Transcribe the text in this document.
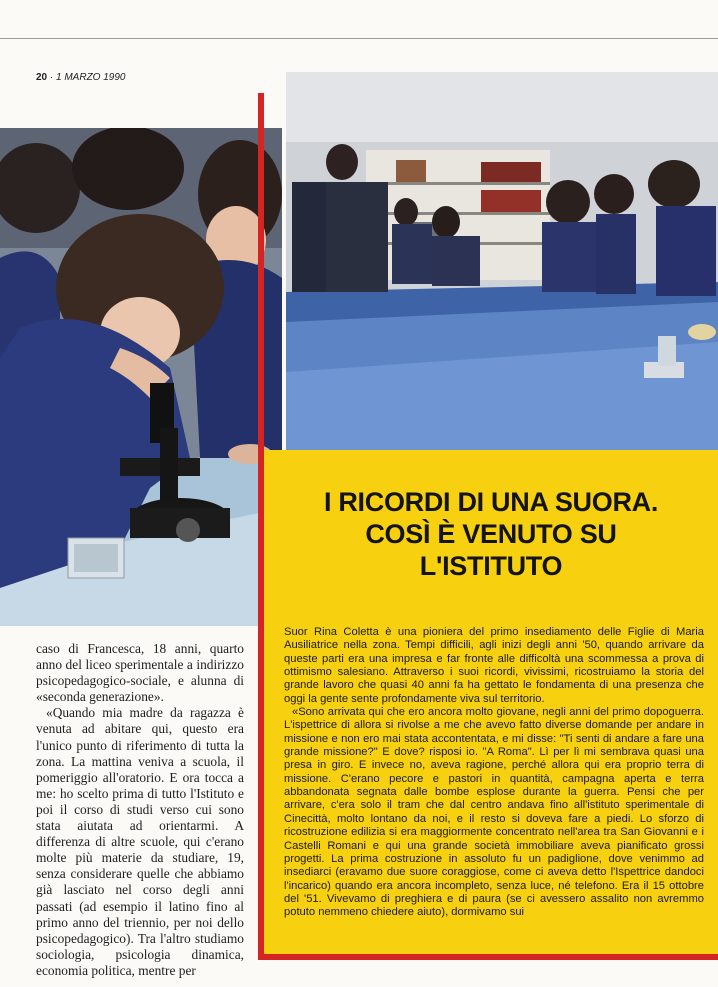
20 · 1 MARZO 1990
I RICORDI DI UNA SUORA.
COSÌ È VENUTO SU
L'ISTITUTO

Suor Rina Coletta è una pioniera del primo insediamento delle Figlie di Maria Ausiliatrice nella zona. Tempi difficili, agli inizi degli anni '50, quando arrivare da queste parti era una impresa e far fronte alle difficoltà una scommessa a prova di ottimismo salesiano. Attraverso i suoi ricordi, vivissimi, ricostruiamo la storia del grande lavoro che quasi 40 anni fa ha gettato le fondamenta di una presenza che oggi la gente sente profondamente viva sul territorio.

«Sono arrivata qui che ero ancora molto giovane, negli anni del primo dopoguerra. L'ispettrice di allora si rivolse a me che avevo fatto diverse domande per andare in missione e non ero mai stata accontentata, e mi disse: "Ti senti di andare a fare una grande missione?" E dove? risposi io. "A Roma". Lì per lì mi sembrava quasi una presa in giro. E invece no, aveva ragione, perché allora qui era proprio terra di missione. C'erano pecore e pastori in quantità, campagna aperta e terra abbandonata segnata dalle bombe esplose durante la guerra. Pensi che per arrivare, c'era solo il tram che dal centro andava fino all'istituto sperimentale di Cinecittà, molto lontano da noi, e il resto si doveva fare a piedi. Lo sforzo di ricostruzione edilizia si era maggiormente concentrato nell'area tra San Giovanni e i Castelli Romani e qui una grande società immobiliare aveva pianificato grossi progetti. La prima costruzione in assoluto fu un padiglione, dove venimmo ad insediarci (eravamo due suore coraggiose, come ci aveva detto l'Ispettrice dandoci l'incarico) quando era ancora incompleto, senza luce, né telefono. Era il 15 ottobre del '51. Vivevamo di preghiera e di paura (se ci avessero assalito non avremmo potuto nemmeno chiedere aiuto), dormivamo sui

caso di Francesca, 18 anni, quarto anno del liceo sperimentale a indirizzo psicopedagogico-sociale, e alunna di «seconda generazione».

«Quando mia madre da ragazza è venuta ad abitare qui, questo era l'unico punto di riferimento di tutta la zona. La mattina veniva a scuola, il pomeriggio all'oratorio. E ora tocca a me: ho scelto prima di tutto l'Istituto e poi il corso di studi verso cui sono stata aiutata ad orientarmi. A differenza di altre scuole, qui c'erano molte più materie da studiare, 19, senza considerare quelle che abbiamo già lasciato nel corso degli anni passati (ad esempio il latino fino al primo anno del triennio, per noi dello psicopedagogico). Tra l'altro studiamo sociologia, psicologia dinamica, economia politica, mentre per
